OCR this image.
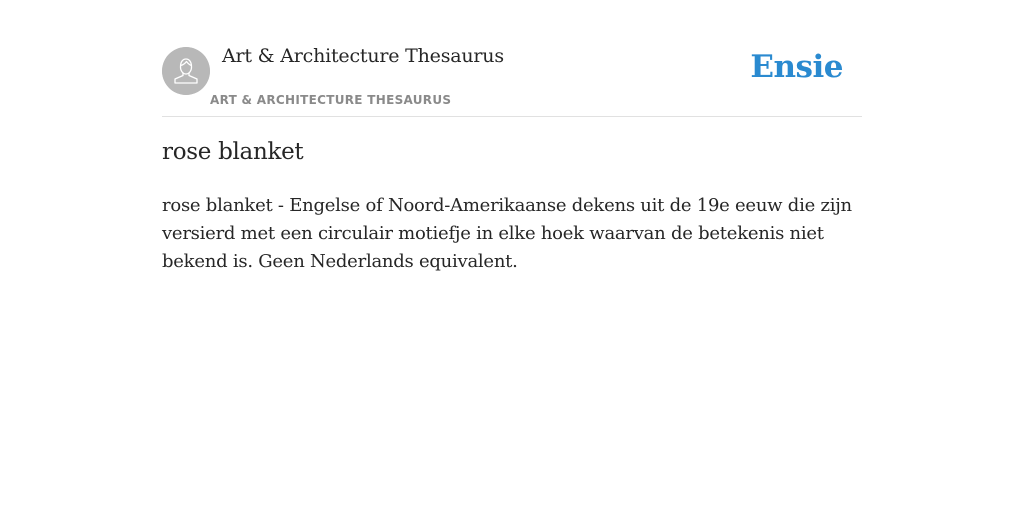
Art & Architecture Thesaurus
ART & ARCHITECTURE THESAURUS
Ensie
rose blanket

rose blanket - Engelse of Noord-Amerikaanse dekens uit de 19e eeuw die zijn versierd met een circulair motiefje in elke hoek waarvan de betekenis niet bekend is. Geen Nederlands equivalent.
